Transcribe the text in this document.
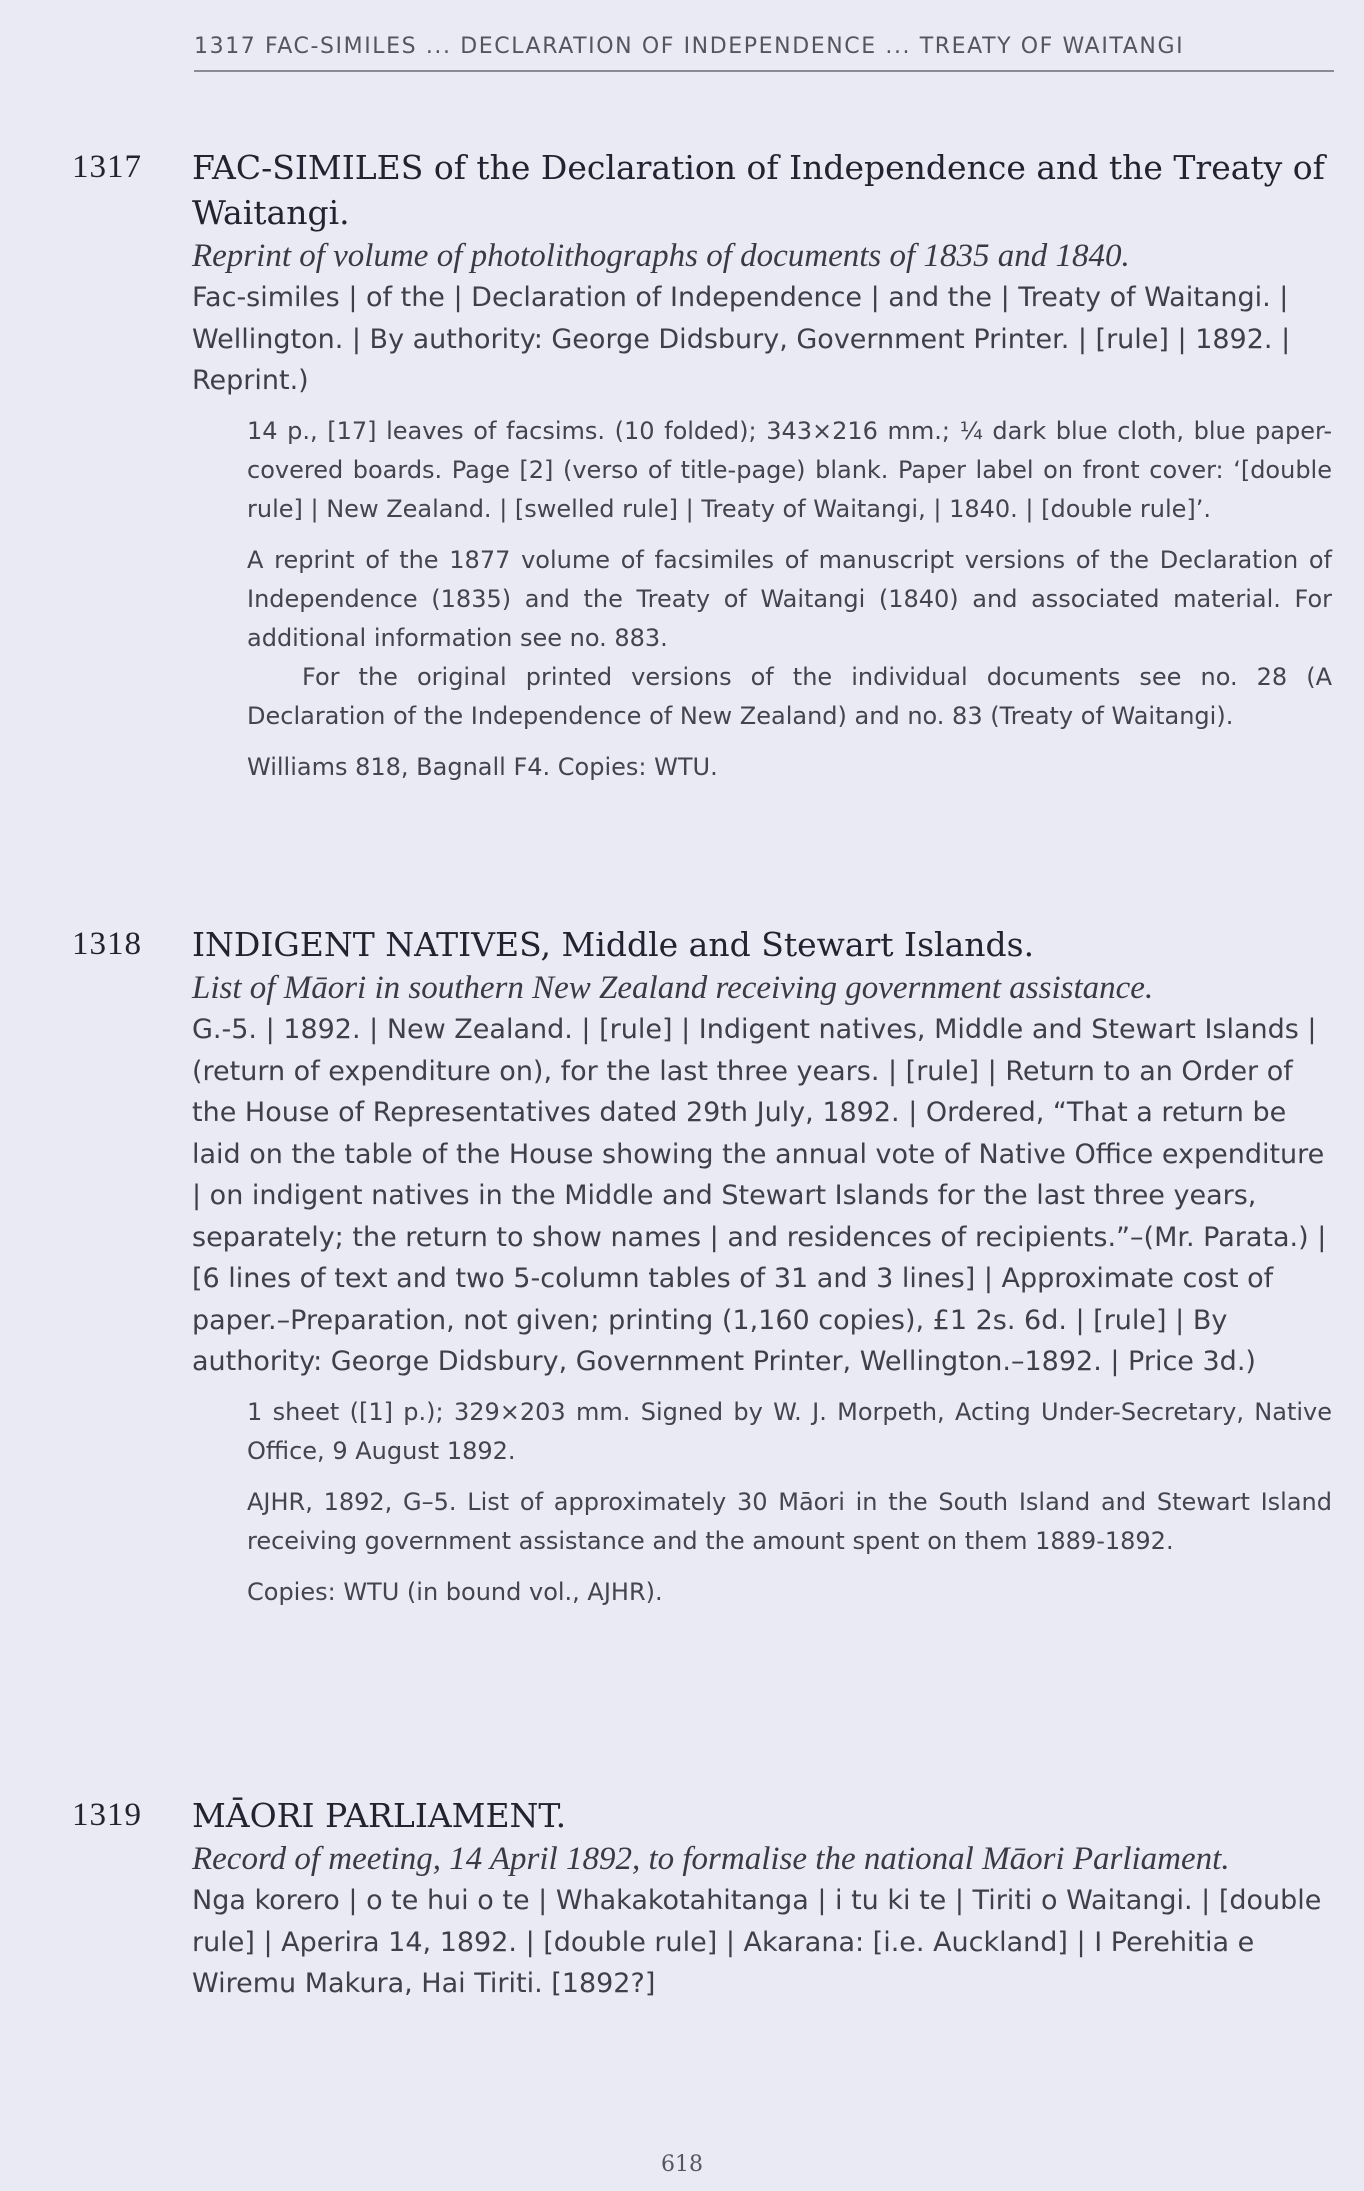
1317 FAC-SIMILES ... DECLARATION OF INDEPENDENCE ... TREATY OF WAITANGI
1317 FAC-SIMILES of the Declaration of Independence and the Treaty of Waitangi.

Reprint of volume of photolithographs of documents of 1835 and 1840.

Fac-similes | of the | Declaration of Independence | and the | Treaty of Waitangi. | Wellington. | By authority: George Didsbury, Government Printer. | [rule] | 1892. | Reprint.)

14 p., [17] leaves of facsims. (10 folded); 343×216 mm.; ¼ dark blue cloth, blue paper-covered boards. Page [2] (verso of title-page) blank. Paper label on front cover: ‘[double rule] | New Zealand. | [swelled rule] | Treaty of Waitangi, | 1840. | [double rule]’.

A reprint of the 1877 volume of facsimiles of manuscript versions of the Declaration of Independence (1835) and the Treaty of Waitangi (1840) and associated material. For additional information see no. 883.

For the original printed versions of the individual documents see no. 28 (A Declaration of the Independence of New Zealand) and no. 83 (Treaty of Waitangi).

Williams 818, Bagnall F4. Copies: WTU.

1318 INDIGENT NATIVES, Middle and Stewart Islands.

List of Māori in southern New Zealand receiving government assistance.

G.-5. | 1892. | New Zealand. | [rule] | Indigent natives, Middle and Stewart Islands | (return of expenditure on), for the last three years. | [rule] | Return to an Order of the House of Representatives dated 29th July, 1892. | Ordered, “That a return be laid on the table of the House showing the annual vote of Native Office expenditure | on indigent natives in the Middle and Stewart Islands for the last three years, separately; the return to show names | and residences of recipients.”–(Mr. Parata.) | [6 lines of text and two 5-column tables of 31 and 3 lines] | Approximate cost of paper.–Preparation, not given; printing (1,160 copies), £1 2s. 6d. | [rule] | By authority: George Didsbury, Government Printer, Wellington.–1892. | Price 3d.)

1 sheet ([1] p.); 329×203 mm. Signed by W. J. Morpeth, Acting Under-Secretary, Native Office, 9 August 1892.

AJHR, 1892, G–5. List of approximately 30 Māori in the South Island and Stewart Island receiving government assistance and the amount spent on them 1889-1892.

Copies: WTU (in bound vol., AJHR).

1319 MĀORI PARLIAMENT.

Record of meeting, 14 April 1892, to formalise the national Māori Parliament.

Nga korero | o te hui o te | Whakakotahitanga | i tu ki te | Tiriti o Waitangi. | [double rule] | Aperira 14, 1892. | [double rule] | Akarana: [i.e. Auckland] | I Perehitia e Wiremu Makura, Hai Tiriti. [1892?]

618
